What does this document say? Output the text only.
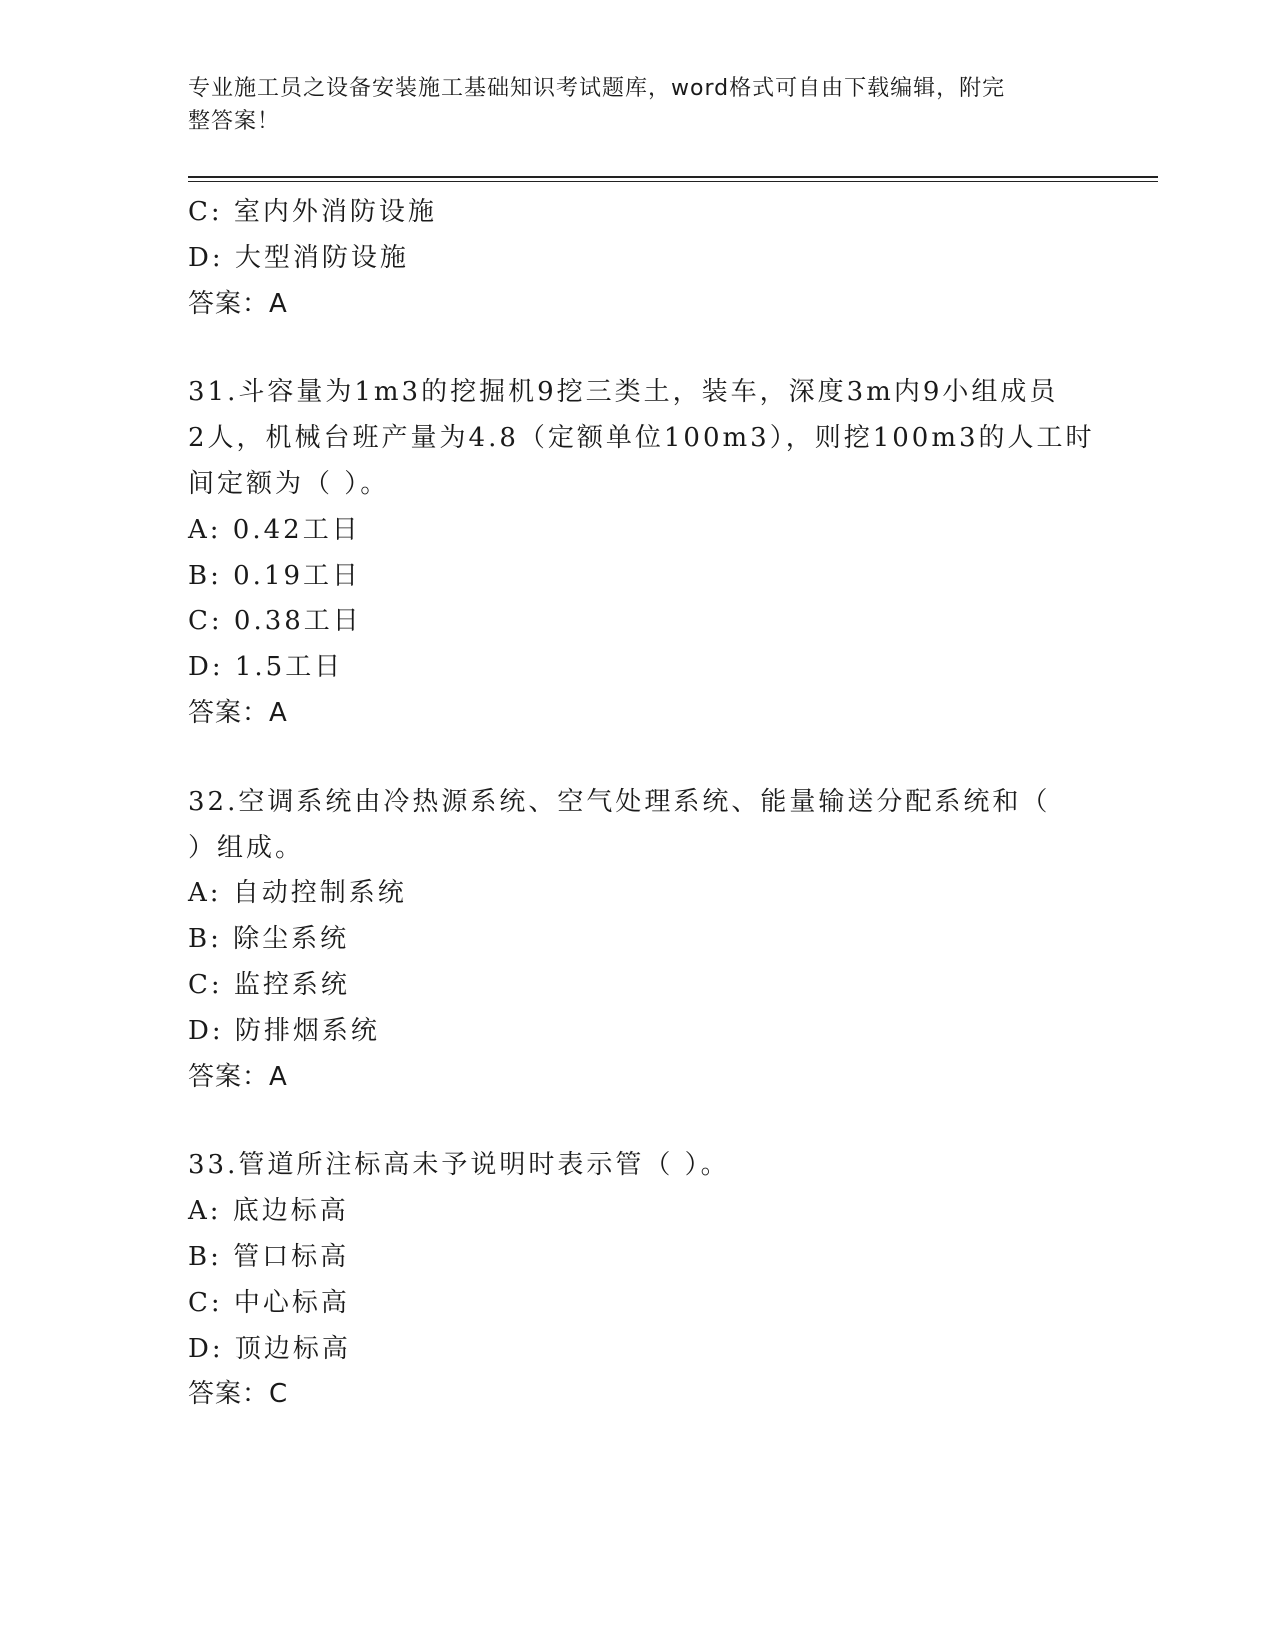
专业施工员之设备安装施工基础知识考试题库，word格式可自由下载编辑，附完
整答案！
C: 室内外消防设施
D: 大型消防设施
答案：A
31.斗容量为1m3的挖掘机9挖三类土，装车，深度3m内9小组成员
2人，机械台班产量为4.8（定额单位100m3），则挖100m3的人工时
间定额为（ ）。
A: 0.42工日
B: 0.19工日
C: 0.38工日
D: 1.5工日
答案：A
32.空调系统由冷热源系统、空气处理系统、能量输送分配系统和（
）组成。
A: 自动控制系统
B: 除尘系统
C: 监控系统
D: 防排烟系统
答案：A
33.管道所注标高未予说明时表示管（ ）。
A: 底边标高
B: 管口标高
C: 中心标高
D: 顶边标高
答案：C
